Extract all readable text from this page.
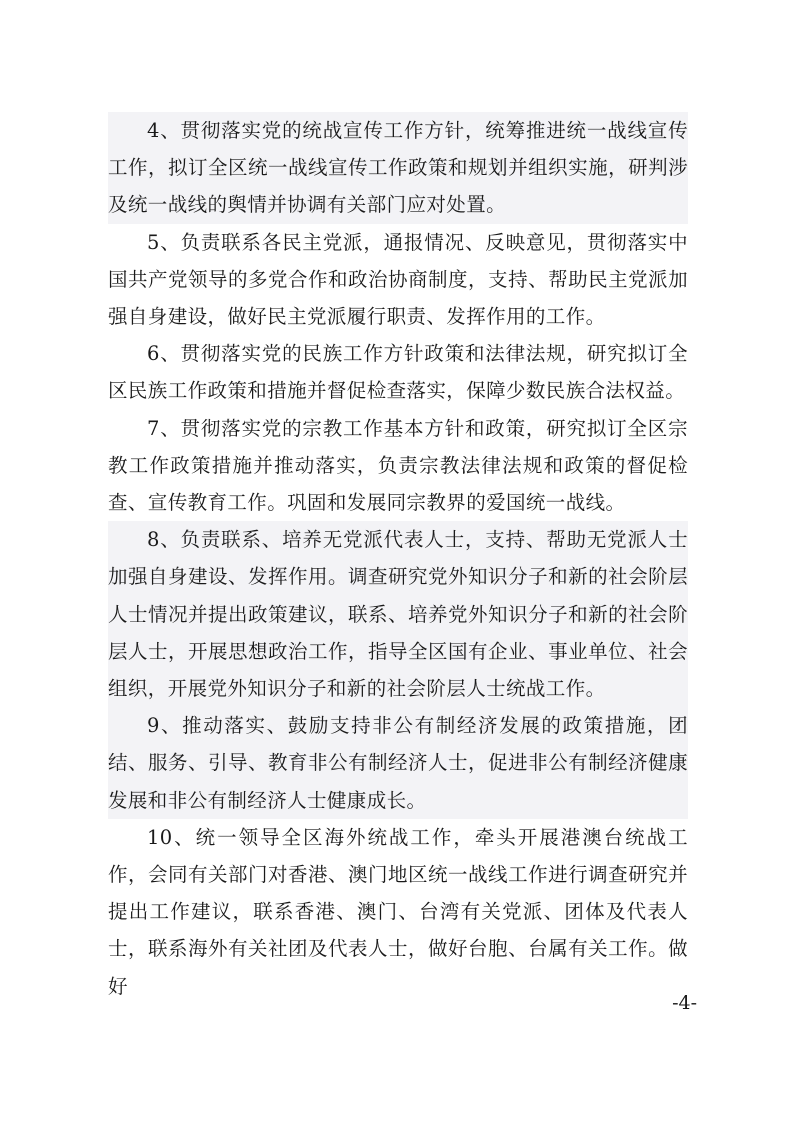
4、贯彻落实党的统战宣传工作方针，统筹推进统一战线宣传工作，拟订全区统一战线宣传工作政策和规划并组织实施，研判涉及统一战线的舆情并协调有关部门应对处置。

5、负责联系各民主党派，通报情况、反映意见，贯彻落实中国共产党领导的多党合作和政治协商制度，支持、帮助民主党派加强自身建设，做好民主党派履行职责、发挥作用的工作。

6、贯彻落实党的民族工作方针政策和法律法规，研究拟订全区民族工作政策和措施并督促检查落实，保障少数民族合法权益。

7、贯彻落实党的宗教工作基本方针和政策，研究拟订全区宗教工作政策措施并推动落实，负责宗教法律法规和政策的督促检查、宣传教育工作。巩固和发展同宗教界的爱国统一战线。

8、负责联系、培养无党派代表人士，支持、帮助无党派人士加强自身建设、发挥作用。调查研究党外知识分子和新的社会阶层人士情况并提出政策建议，联系、培养党外知识分子和新的社会阶层人士，开展思想政治工作，指导全区国有企业、事业单位、社会组织，开展党外知识分子和新的社会阶层人士统战工作。

9、推动落实、鼓励支持非公有制经济发展的政策措施，团结、服务、引导、教育非公有制经济人士，促进非公有制经济健康发展和非公有制经济人士健康成长。

10、统一领导全区海外统战工作，牵头开展港澳台统战工作，会同有关部门对香港、澳门地区统一战线工作进行调查研究并提出工作建议，联系香港、澳门、台湾有关党派、团体及代表人士，联系海外有关社团及代表人士，做好台胞、台属有关工作。做好

-4-
